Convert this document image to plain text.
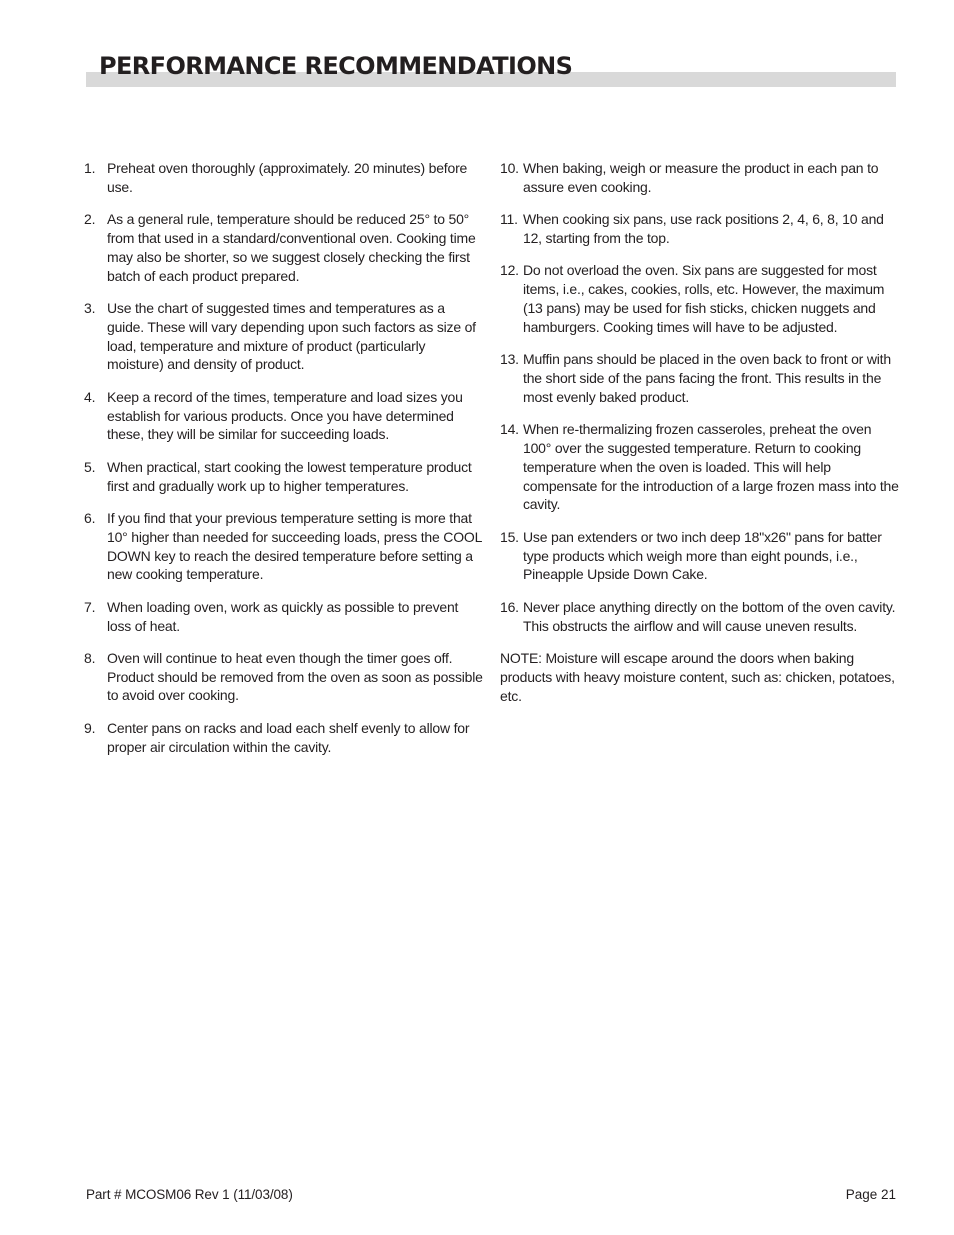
PERFORMANCE RECOMMENDATIONS
1. Preheat oven thoroughly (approximately. 20 minutes) before use.
2. As a general rule, temperature should be reduced 25° to 50° from that used in a standard/conventional oven. Cooking time may also be shorter, so we suggest closely checking the first batch of each product prepared.
3. Use the chart of suggested times and temperatures as a guide. These will vary depending upon such factors as size of load, temperature and mixture of product (particularly moisture) and density of product.
4. Keep a record of the times, temperature and load sizes you establish for various products. Once you have determined these, they will be similar for succeeding loads.
5. When practical, start cooking the lowest temperature product first and gradually work up to higher temperatures.
6. If you find that your previous temperature setting is more that 10° higher than needed for succeeding loads, press the COOL DOWN key to reach the desired temperature before setting a new cooking temperature.
7. When loading oven, work as quickly as possible to prevent loss of heat.
8. Oven will continue to heat even though the timer goes off. Product should be removed from the oven as soon as possible to avoid over cooking.
9. Center pans on racks and load each shelf evenly to allow for proper air circulation within the cavity.
10. When baking, weigh or measure the product in each pan to assure even cooking.
11. When cooking six pans, use rack positions 2, 4, 6, 8, 10 and 12, starting from the top.
12. Do not overload the oven. Six pans are suggested for most items, i.e., cakes, cookies, rolls, etc. However, the maximum (13 pans) may be used for fish sticks, chicken nuggets and hamburgers. Cooking times will have to be adjusted.
13. Muffin pans should be placed in the oven back to front or with the short side of the pans facing the front. This results in the most evenly baked product.
14. When re-thermalizing frozen casseroles, preheat the oven 100° over the suggested temperature. Return to cooking temperature when the oven is loaded. This will help compensate for the introduction of a large frozen mass into the cavity.
15. Use pan extenders or two inch deep 18"x26" pans for batter type products which weigh more than eight pounds, i.e., Pineapple Upside Down Cake.
16. Never place anything directly on the bottom of the oven cavity. This obstructs the airflow and will cause uneven results.

NOTE: Moisture will escape around the doors when baking products with heavy moisture content, such as: chicken, potatoes, etc.

Part # MCOSM06 Rev 1 (11/03/08)	Page 21
